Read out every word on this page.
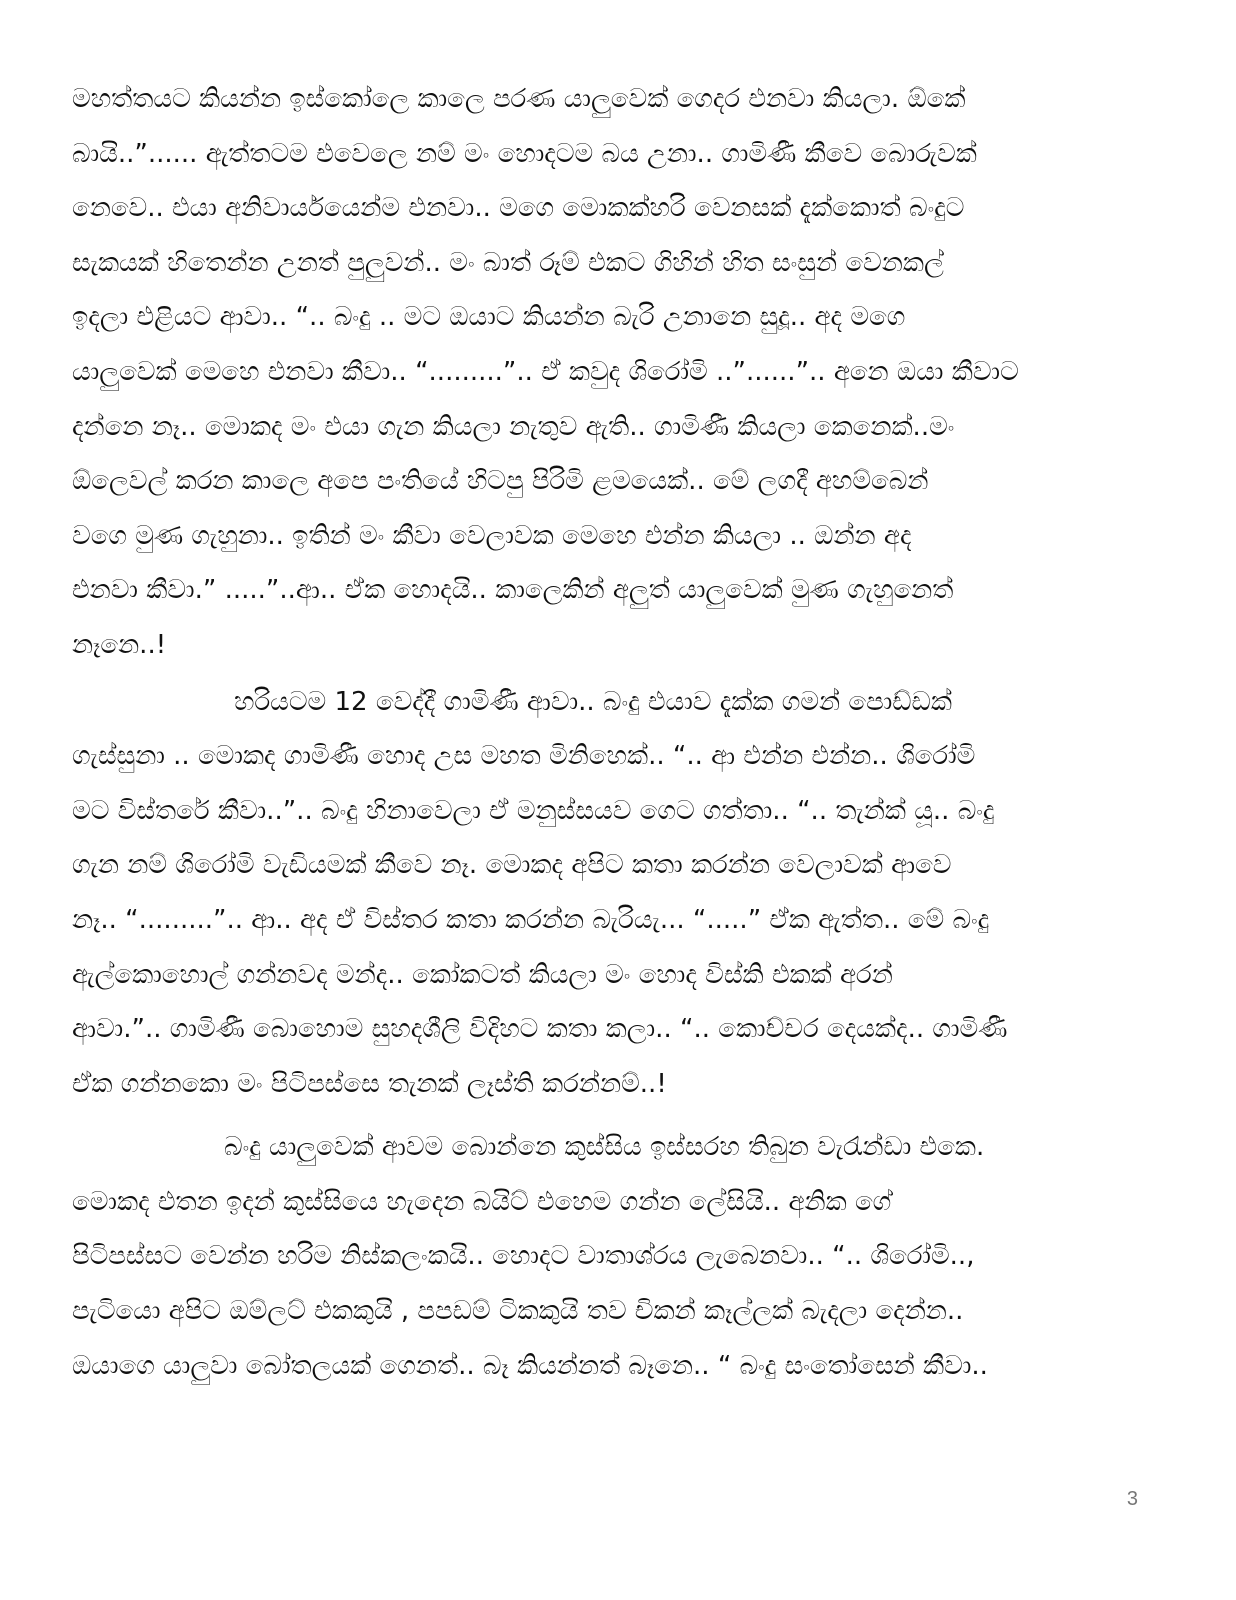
මහත්තයට කියන්න ඉස්කෝලෙ කාලෙ පරණ යාලුවෙක් ගෙදර එනවා කියලා. ඕකේ
බායි..”...... ඇත්තටම එවෙලෙ නම් මං හොදටම බය උනා.. ගාමිණී කීවෙ බොරුවක්
නෙවෙ.. එයා අනිවාර්යයෙන්ම එනවා.. මගෙ මොකක්හරි වෙනසක් දැක්කොත් බංදුට
සැකයක් හිතෙන්න උනත් පුලුවන්.. මං බාත් රූම් එකට ගිහින් හිත සංසුන් වෙනකල්
ඉදලා එළියට ආවා.. “.. බංදු .. මට ඔයාට කියන්න බැරි උනානෙ සුදූ.. අද මගෙ
යාලුවෙක් මෙහෙ එනවා කීවා.. “.........”.. ඒ කවුද ශිරෝමි ..”......”.. අනෙ ඔයා කීවාට
දන්නෙ නෑ.. මොකද මං එයා ගැන කියලා නැතුව ඇති.. ගාමිණී කියලා කෙනෙක්..මං
ඕලෙවල් කරන කාලෙ අපෙ පංතියේ හිටපු පිරිමි ළමයෙක්.. මේ ලගදී අහම්බෙන්
වගෙ මුණ ගැහුනා.. ඉතින් මං කීවා වෙලාවක මෙහෙ එන්න කියලා .. ඔන්න අද
එනවා කීවා.” .....”..ආ.. ඒක හොදයි.. කාලෙකින් අලුත් යාලුවෙක් මුණ ගැහුනෙත්
නෑනෙ..!
හරියටම 12 වෙද්දී ගාමිණී ආවා.. බංදු එයාව දැක්ක ගමන් පොඩ්ඩක්
ගැස්සුනා .. මොකද ගාමිණී හොද උස මහත මිනිහෙක්.. “.. ආ එන්න එන්න.. ශිරෝමි
මට විස්තරේ කීවා..”.. බංදු හිනාවෙලා ඒ මනුස්සයව ගෙට ගත්තා.. “.. තැන්ක් යූ.. බංදු
ගැන නම් ශිරෝමි වැඩියමක් කීවෙ නෑ. මොකද අපිට කතා කරන්න වෙලාවක් ආවෙ
නෑ.. “.........”.. ආ.. අද ඒ විස්තර කතා කරන්න බැරියැ... “.....” ඒක ඇත්ත.. මේ බංදු
ඇල්කොහොල් ගන්නවද මන්ද.. කෝකටත් කියලා මං හොද විස්කි එකක් අරන්
ආවා.”.. ගාමිණී බොහොම සුහදශීලි විදිහට කතා කලා.. “.. කොච්චර දෙයක්ද.. ගාමිණී
ඒක ගන්නකො මං පිටිපස්සෙ තැනක් ලෑස්ති කරන්නම්..!
බංදු යාලුවෙක් ආවම බොන්නෙ කුස්සිය ඉස්සරහ තිබුන වැරැන්ඩා එකෙ.
මොකද එතන ඉදන් කුස්සියෙ හැදෙන බයිට් එහෙම ගන්න ලේසියි.. අනික ගේ
පිටිපස්සට වෙන්න හරිම නිස්කලංකයි.. හොදට වාතාශ්රය ලැබෙනවා.. “.. ශිරෝමි..,
පැටියො අපිට ඔම්ලට් එකකුයි , පපඩම් ටිකකුයි තව චිකන් කෑල්ලක් බැදලා දෙන්න..
ඔයාගෙ යාලුවා බෝතලයක් ගෙනත්.. බෑ කියන්නත් බෑනෙ.. “ බංදු සංතෝසෙන් කීවා..
3
